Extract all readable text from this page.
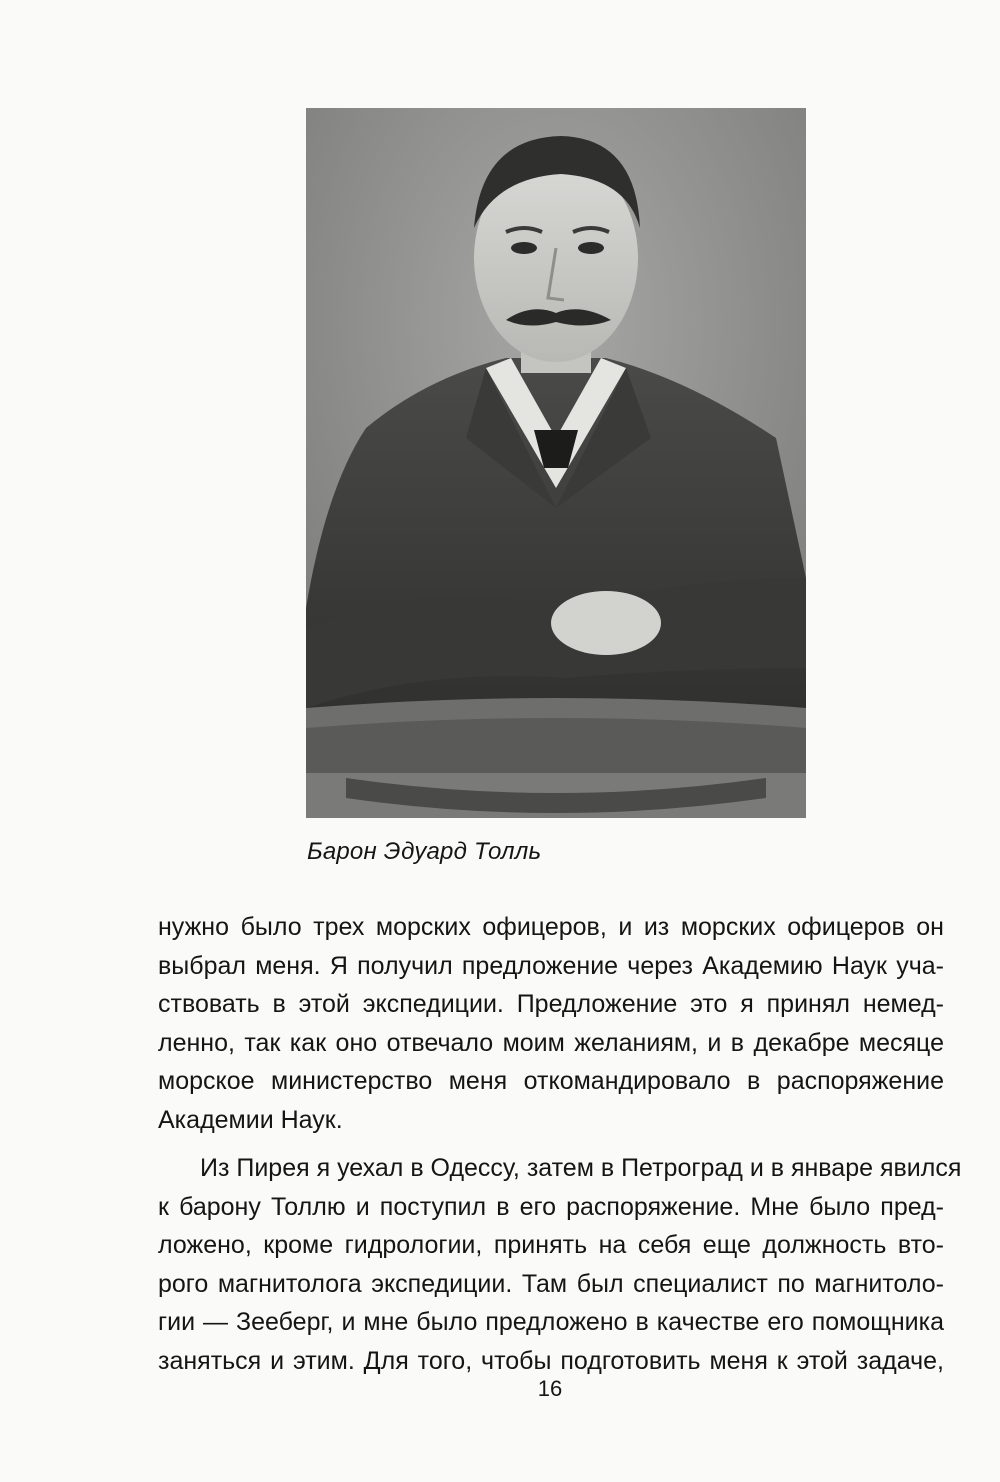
Барон Эдуард Толль
нужно было трех морских офицеров, и из морских офицеров он
выбрал меня. Я получил предложение через Академию Наук уча-
ствовать в этой экспедиции. Предложение это я принял немед-
ленно, так как оно отвечало моим желаниям, и в декабре месяце
морское министерство меня откомандировало в распоряжение
Академии Наук.
Из Пирея я уехал в Одессу, затем в Петроград и в январе явился
к барону Толлю и поступил в его распоряжение. Мне было пред-
ложено, кроме гидрологии, принять на себя еще должность вто-
рого магнитолога экспедиции. Там был специалист по магнитоло-
гии — Зееберг, и мне было предложено в качестве его помощника
заняться и этим. Для того, чтобы подготовить меня к этой задаче,
16
